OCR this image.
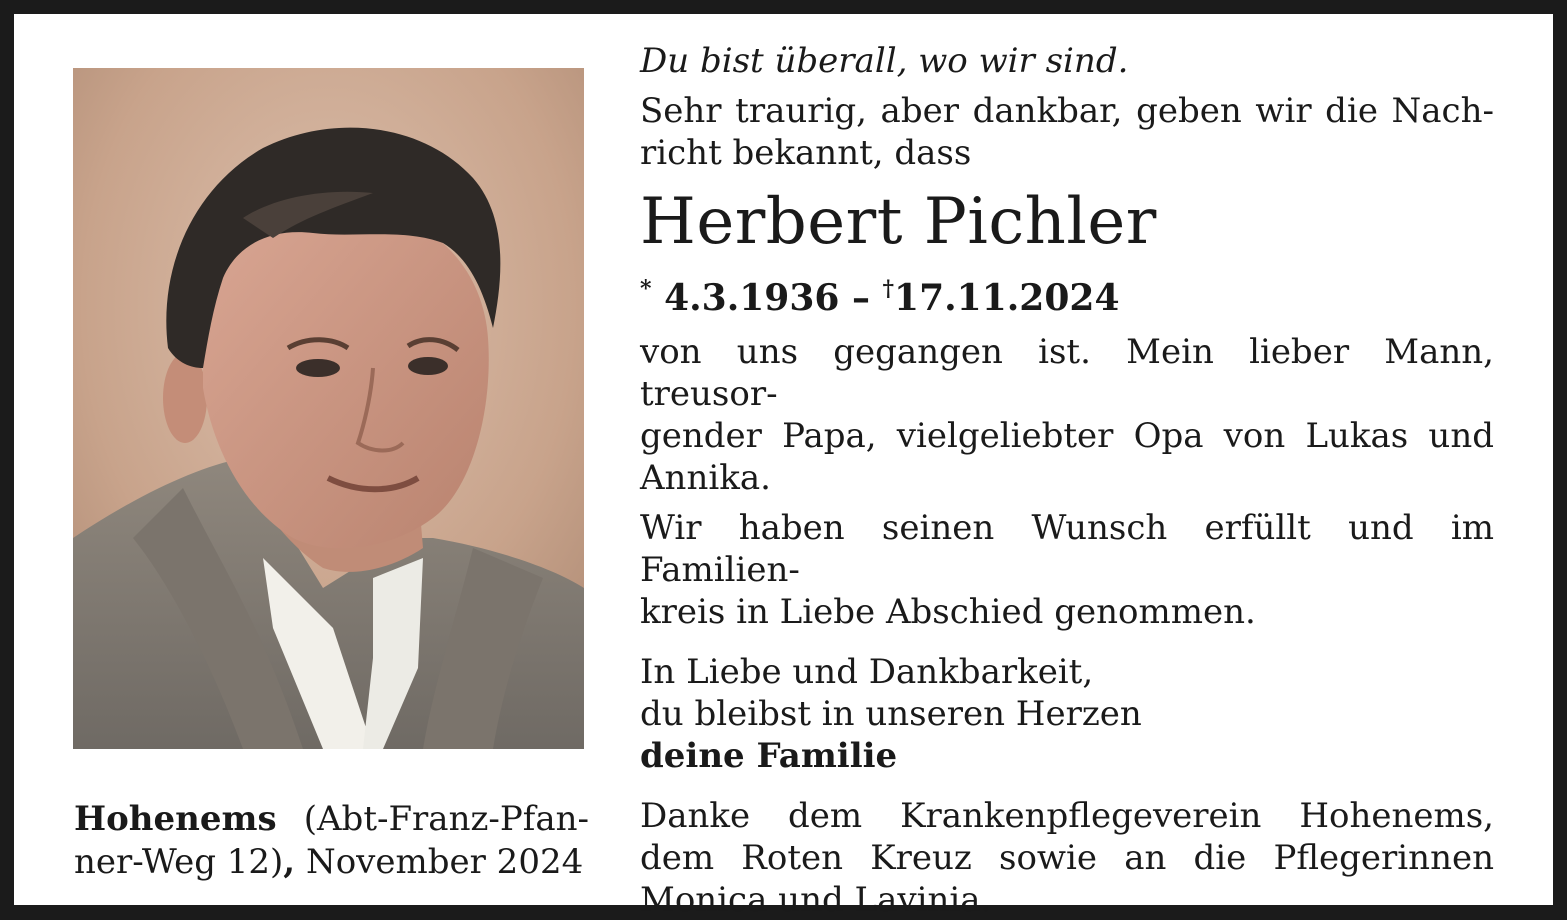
Du bist überall, wo wir sind.
Sehr traurig, aber dankbar, geben wir die Nach-
richt bekannt, dass
Herbert Pichler
* 4.3.1936 – †17.11.2024
von uns gegangen ist. Mein lieber Mann, treusor-
gender Papa, vielgeliebter Opa von Lukas und
Annika.
Wir haben seinen Wunsch erfüllt und im Familien-
kreis in Liebe Abschied genommen.
In Liebe und Dankbarkeit,
du bleibst in unseren Herzen
deine Familie
Danke dem Krankenpflegeverein Hohenems,
dem Roten Kreuz sowie an die Pflegerinnen
Monica und Lavinia.
Hohenems (Abt-Franz-Pfan-
ner-Weg 12), November 2024
